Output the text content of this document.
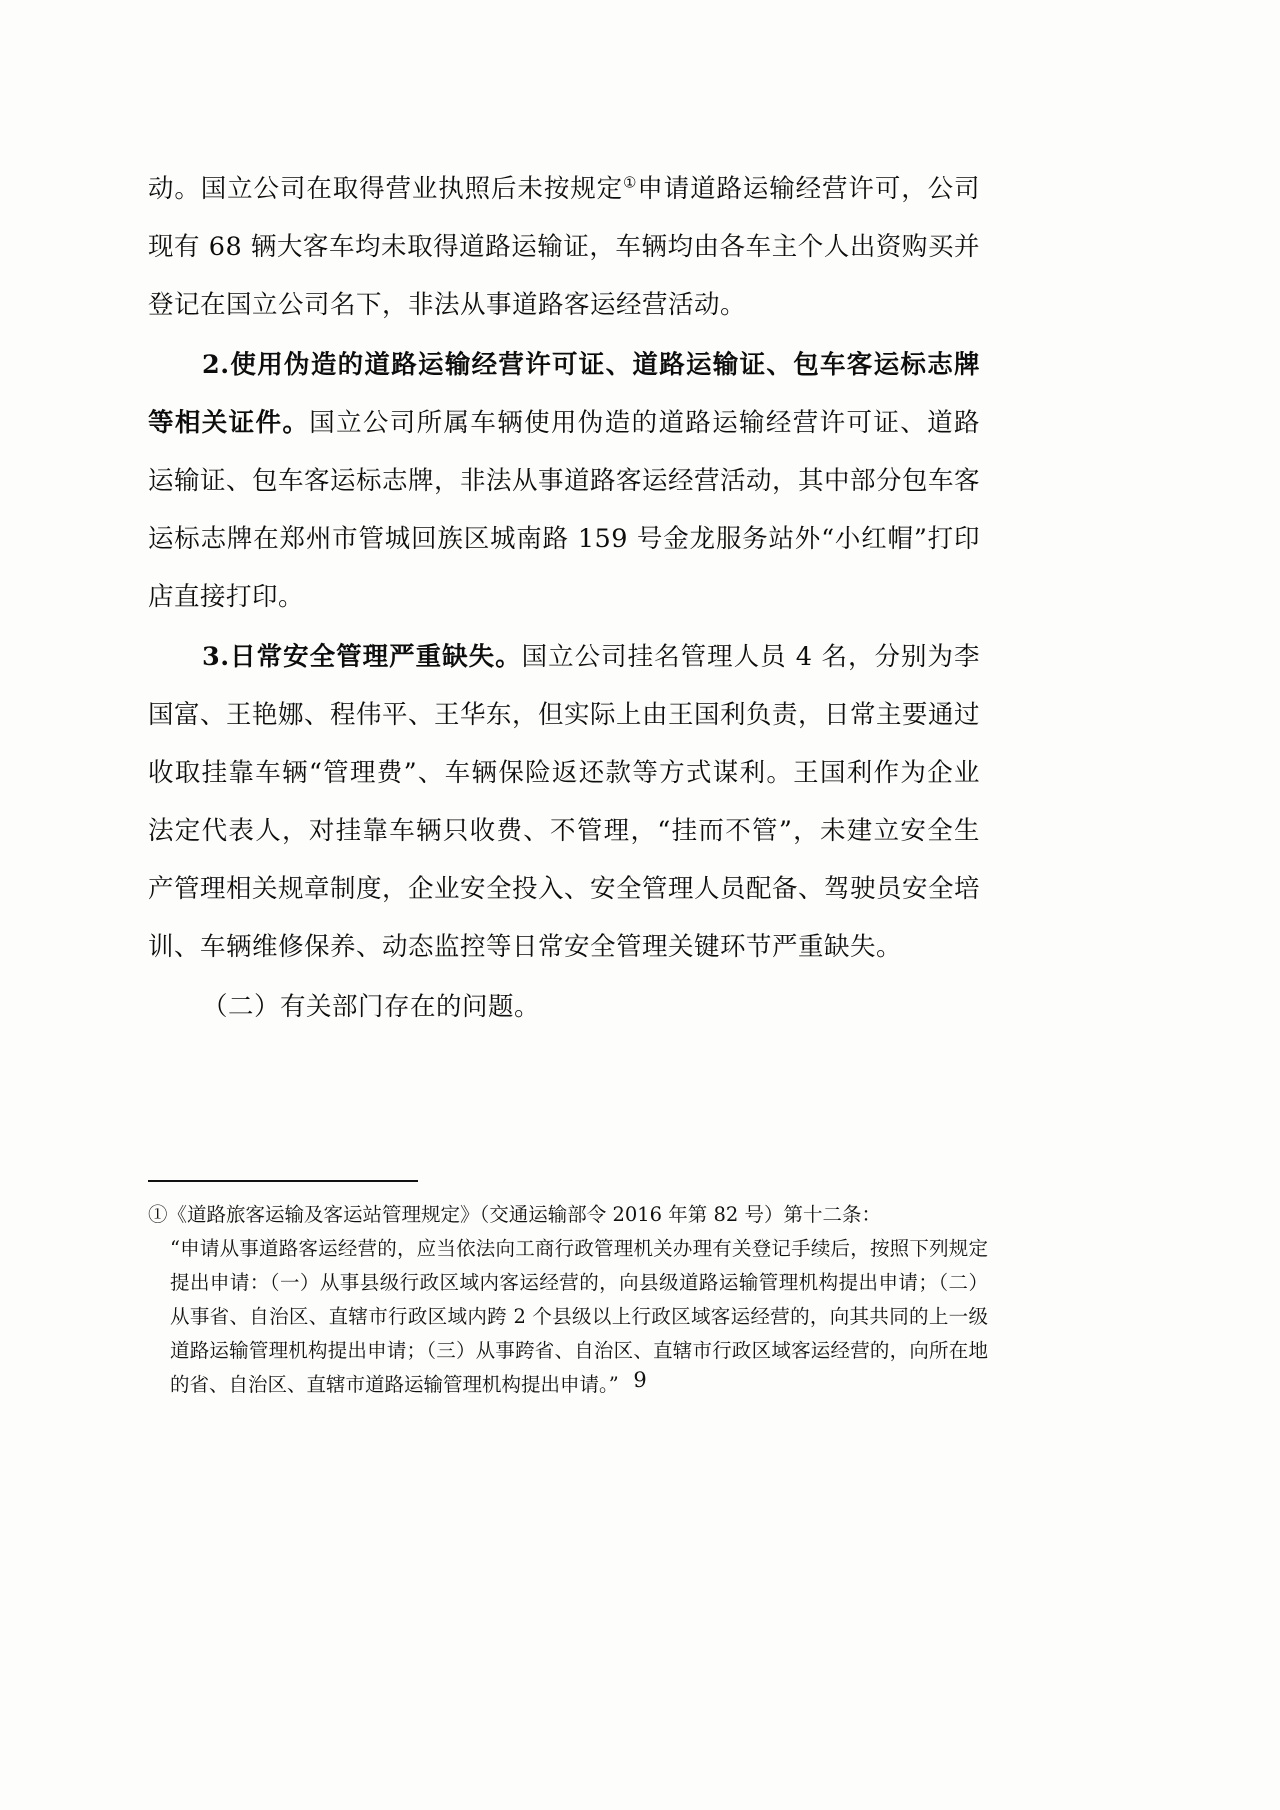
动。国立公司在取得营业执照后未按规定①申请道路运输经营许可，公司现有 68 辆大客车均未取得道路运输证，车辆均由各车主个人出资购买并登记在国立公司名下，非法从事道路客运经营活动。

2.使用伪造的道路运输经营许可证、道路运输证、包车客运标志牌等相关证件。国立公司所属车辆使用伪造的道路运输经营许可证、道路运输证、包车客运标志牌，非法从事道路客运经营活动，其中部分包车客运标志牌在郑州市管城回族区城南路 159 号金龙服务站外“小红帽”打印店直接打印。

3.日常安全管理严重缺失。国立公司挂名管理人员 4 名，分别为李国富、王艳娜、程伟平、王华东，但实际上由王国利负责，日常主要通过收取挂靠车辆“管理费”、车辆保险返还款等方式谋利。王国利作为企业法定代表人，对挂靠车辆只收费、不管理，“挂而不管”，未建立安全生产管理相关规章制度，企业安全投入、安全管理人员配备、驾驶员安全培训、车辆维修保养、动态监控等日常安全管理关键环节严重缺失。

（二）有关部门存在的问题。

①《道路旅客运输及客运站管理规定》（交通运输部令 2016 年第 82 号）第十二条：
“申请从事道路客运经营的，应当依法向工商行政管理机关办理有关登记手续后，按照下列规定提出申请：（一）从事县级行政区域内客运经营的，向县级道路运输管理机构提出申请；（二）从事省、自治区、直辖市行政区域内跨 2 个县级以上行政区域客运经营的，向其共同的上一级道路运输管理机构提出申请；（三）从事跨省、自治区、直辖市行政区域客运经营的，向所在地的省、自治区、直辖市道路运输管理机构提出申请。” 9
